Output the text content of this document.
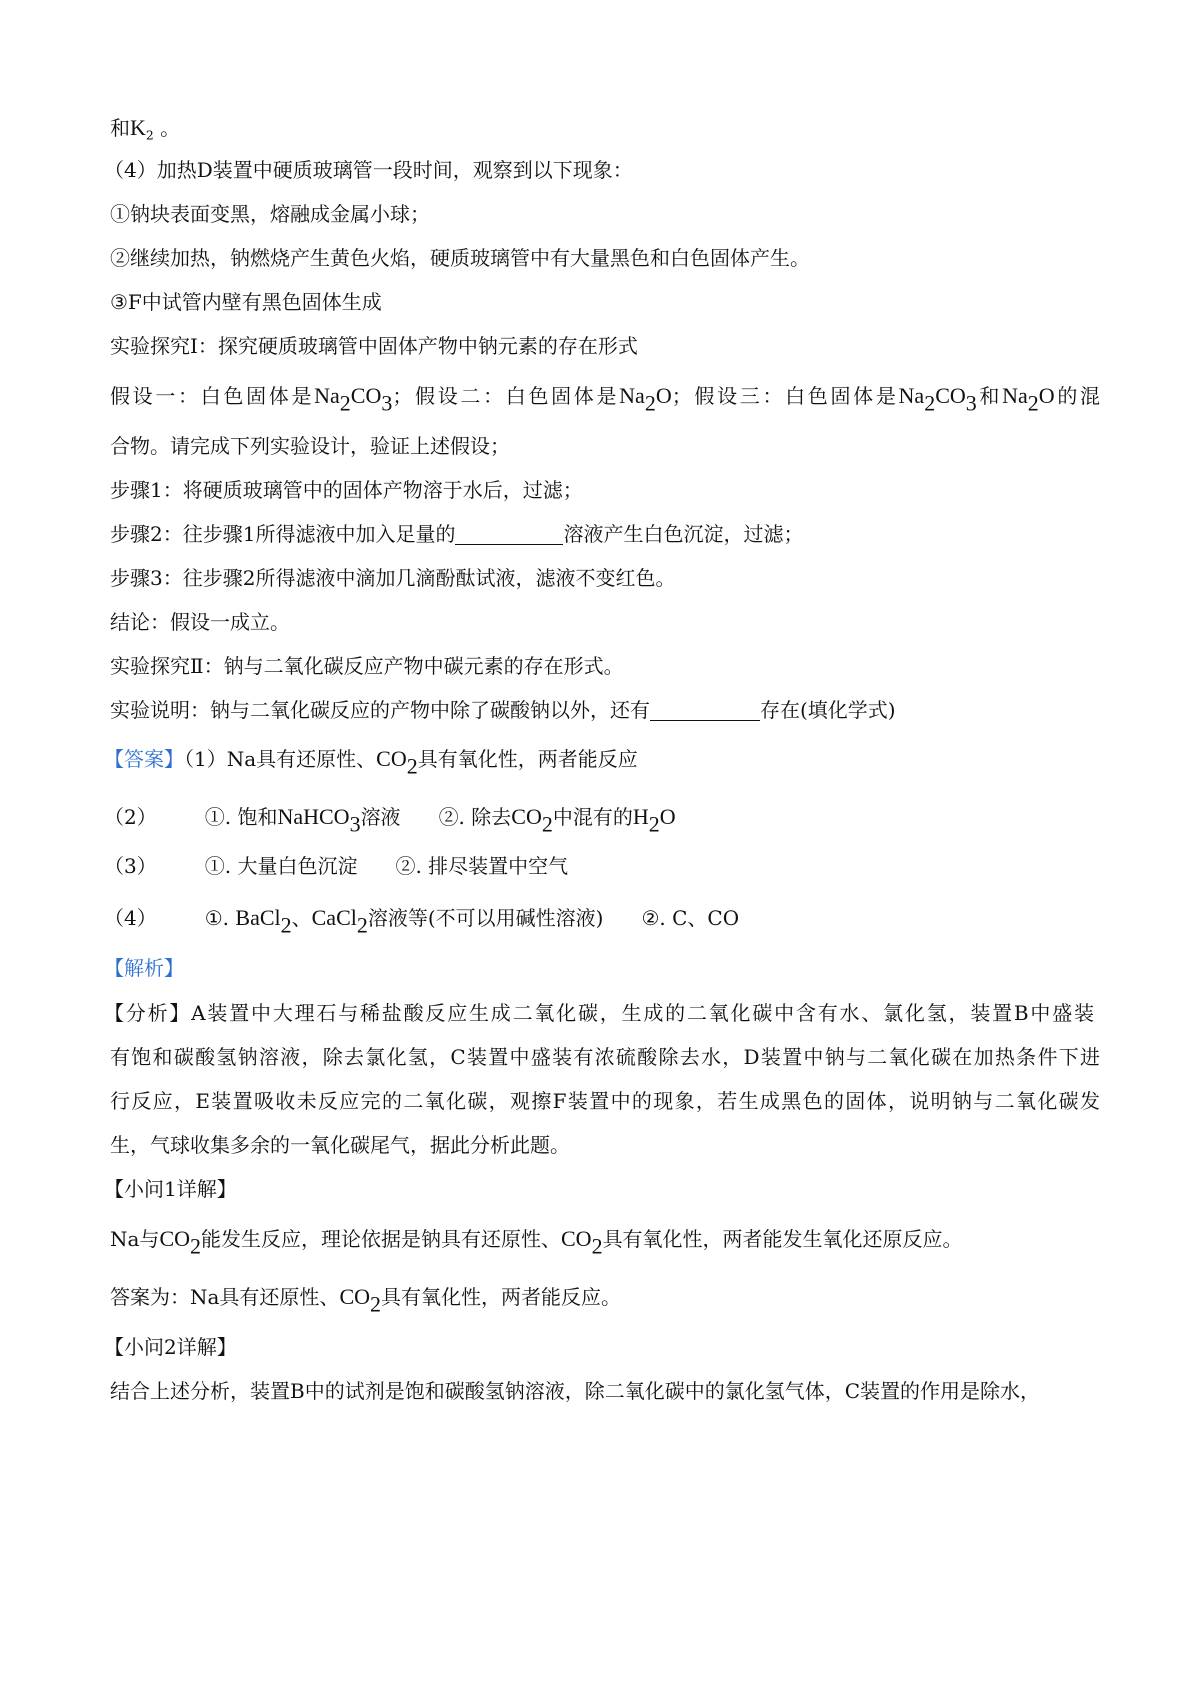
和$K_2$ 。
（4）加热D装置中硬质玻璃管一段时间，观察到以下现象：
①钠块表面变黑，熔融成金属小球；
②继续加热，钠燃烧产生黄色火焰，硬质玻璃管中有大量黑色和白色固体产生。
③F中试管内壁有黑色固体生成
实验探究Ⅰ：探究硬质玻璃管中固体产物中钠元素的存在形式
假设一：白色固体是$Na_2CO_3$；假设二：白色固体是$Na_2O$；假设三：白色固体是$Na_2CO_3$和$Na_2O$的混
合物。请完成下列实验设计，验证上述假设；
步骤1：将硬质玻璃管中的固体产物溶于水后，过滤；
步骤2：往步骤1所得滤液中加入足量的	溶液产生白色沉淀，过滤；
步骤3：往步骤2所得滤液中滴加几滴酚酞试液，滤液不变红色。
结论：假设一成立。
实验探究Ⅱ：钠与二氧化碳反应产物中碳元素的存在形式。
实验说明：钠与二氧化碳反应的产物中除了碳酸钠以外，还有	存在(填化学式)
【答案】（1）Na具有还原性、$CO_2$具有氧化性，两者能反应
（2） ①. 饱和NaHCO$_3$溶液 ②. 除去$CO_2$中混有的$H_2O$
（3） ①. 大量白色沉淀 ②. 排尽装置中空气
（4） ①. BaCl$_2$、CaCl$_2$溶液等(不可以用碱性溶液) ②. C、CO
【解析】
【分析】A装置中大理石与稀盐酸反应生成二氧化碳，生成的二氧化碳中含有水、氯化氢，装置B中盛装
有饱和碳酸氢钠溶液，除去氯化氢，C装置中盛装有浓硫酸除去水，D装置中钠与二氧化碳在加热条件下进
行反应，E装置吸收未反应完的二氧化碳，观擦F装置中的现象，若生成黑色的固体，说明钠与二氧化碳发
生，气球收集多余的一氧化碳尾气，据此分析此题。
【小问1详解】
Na与$CO_2$能发生反应，理论依据是钠具有还原性、$CO_2$具有氧化性，两者能发生氧化还原反应。
答案为：Na具有还原性、$CO_2$具有氧化性，两者能反应。
【小问2详解】
结合上述分析，装置B中的试剂是饱和碳酸氢钠溶液，除二氧化碳中的氯化氢气体，C装置的作用是除水，
